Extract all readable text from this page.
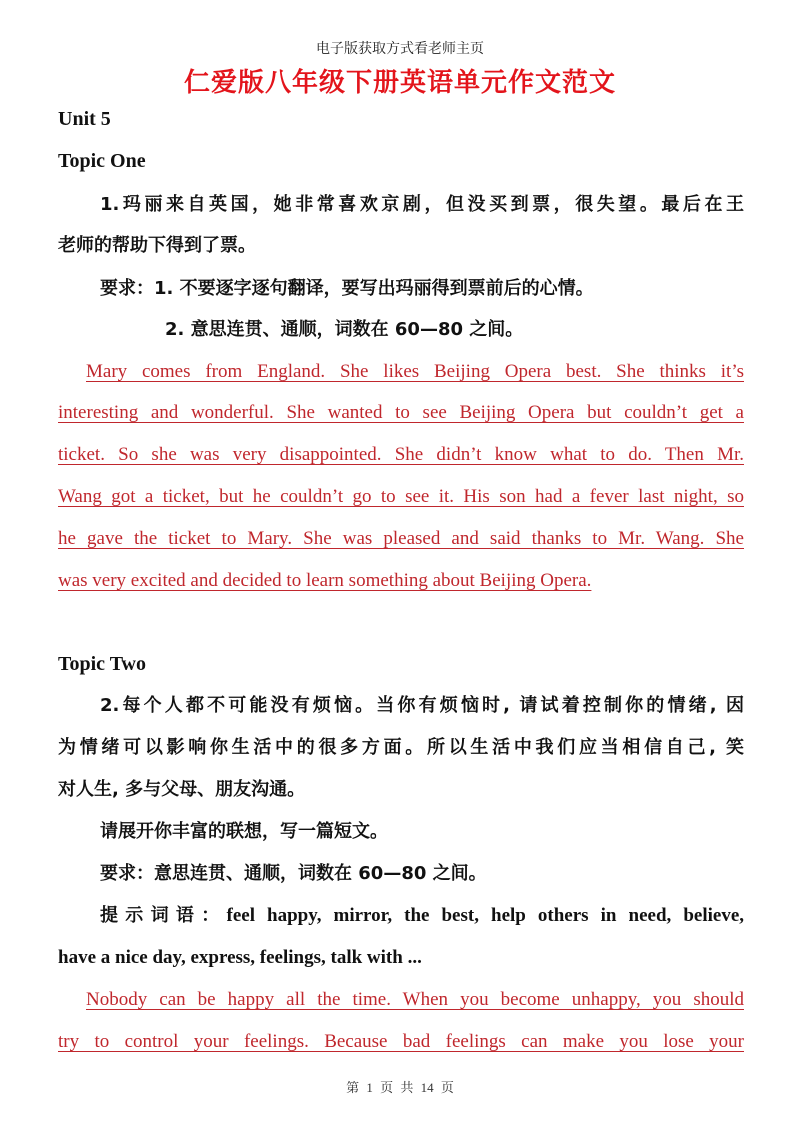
电子版获取方式看老师主页
仁爱版八年级下册英语单元作文范文
Unit 5
Topic One
1.玛丽来自英国，她非常喜欢京剧，但没买到票，很失望。最后在王
老师的帮助下得到了票。
要求：1. 不要逐字逐句翻译，要写出玛丽得到票前后的心情。
2. 意思连贯、通顺，词数在 60—80 之间。
Mary comes from England. She likes Beijing Opera best. She thinks it’s
interesting and wonderful. She wanted to see Beijing Opera but couldn’t get a
ticket. So she was very disappointed. She didn’t know what to do. Then Mr.
Wang got a ticket, but he couldn’t go to see it. His son had a fever last night, so
he gave the ticket to Mary. She was pleased and said thanks to Mr. Wang. She
was very excited and decided to learn something about Beijing Opera.
Topic Two
2.每个人都不可能没有烦恼。当你有烦恼时, 请试着控制你的情绪, 因
为情绪可以影响你生活中的很多方面。所以生活中我们应当相信自己, 笑
对人生, 多与父母、朋友沟通。
请展开你丰富的联想，写一篇短文。
要求：意思连贯、通顺，词数在 60—80 之间。
提示词语：feel happy, mirror, the best, help others in need, believe,
have a nice day, express, feelings, talk with ...
Nobody can be happy all the time. When you become unhappy, you should
try to control your feelings. Because bad feelings can make you lose your
第 1 页 共 14 页
